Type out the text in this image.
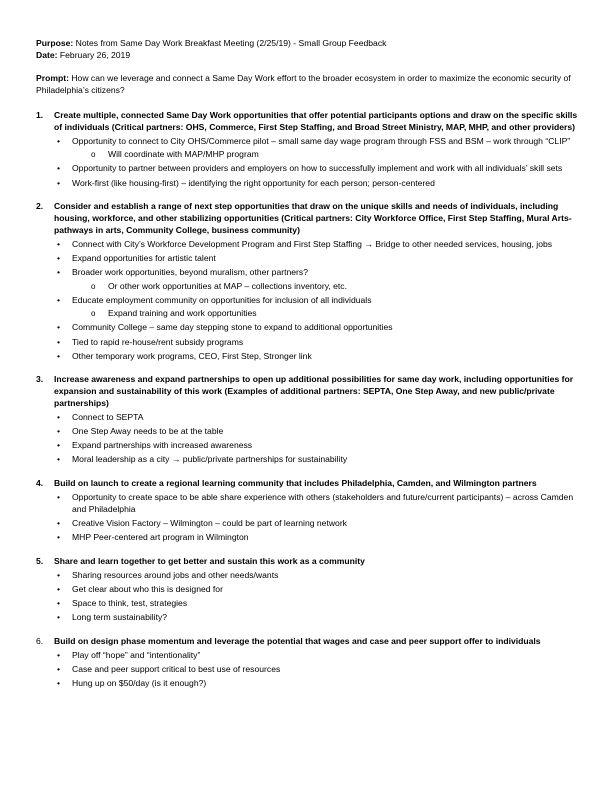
Purpose: Notes from Same Day Work Breakfast Meeting (2/25/19) - Small Group Feedback

Date: February 26, 2019

Prompt: How can we leverage and connect a Same Day Work effort to the broader ecosystem in order to maximize the economic security of Philadelphia’s citizens?

1. Create multiple, connected Same Day Work opportunities that offer potential participants options and draw on the specific skills of individuals (Critical partners: OHS, Commerce, First Step Staffing, and Broad Street Ministry, MAP, MHP, and other providers)

• Opportunity to connect to City OHS/Commerce pilot – small same day wage program through FSS and BSM – work through “CLIP”
o Will coordinate with MAP/MHP program
• Opportunity to partner between providers and employers on how to successfully implement and work with all individuals’ skill sets
• Work-first (like housing-first) – identifying the right opportunity for each person; person-centered
2. Consider and establish a range of next step opportunities that draw on the unique skills and needs of individuals, including housing, workforce, and other stabilizing opportunities (Critical partners: City Workforce Office, First Step Staffing, Mural Arts- pathways in arts, Community College, business community)

• Connect with City’s Workforce Development Program and First Step Staffing → Bridge to other needed services, housing, jobs
• Expand opportunities for artistic talent
• Broader work opportunities, beyond muralism, other partners?
o Or other work opportunities at MAP – collections inventory, etc.
• Educate employment community on opportunities for inclusion of all individuals
o Expand training and work opportunities
• Community College – same day stepping stone to expand to additional opportunities
• Tied to rapid re-house/rent subsidy programs
• Other temporary work programs, CEO, First Step, Stronger link
3. Increase awareness and expand partnerships to open up additional possibilities for same day work, including opportunities for expansion and sustainability of this work (Examples of additional partners: SEPTA, One Step Away, and new public/private partnerships)

• Connect to SEPTA
• One Step Away needs to be at the table
• Expand partnerships with increased awareness
• Moral leadership as a city → public/private partnerships for sustainability
4. Build on launch to create a regional learning community that includes Philadelphia, Camden, and Wilmington partners

• Opportunity to create space to be able share experience with others (stakeholders and future/current participants) – across Camden and Philadelphia
• Creative Vision Factory – Wilmington – could be part of learning network
• MHP Peer-centered art program in Wilmington
5. Share and learn together to get better and sustain this work as a community

• Sharing resources around jobs and other needs/wants
• Get clear about who this is designed for
• Space to think, test, strategies
• Long term sustainability?
6. Build on design phase momentum and leverage the potential that wages and case and peer support offer to individuals

• Play off “hope” and “intentionality”
• Case and peer support critical to best use of resources
• Hung up on $50/day (is it enough?)
